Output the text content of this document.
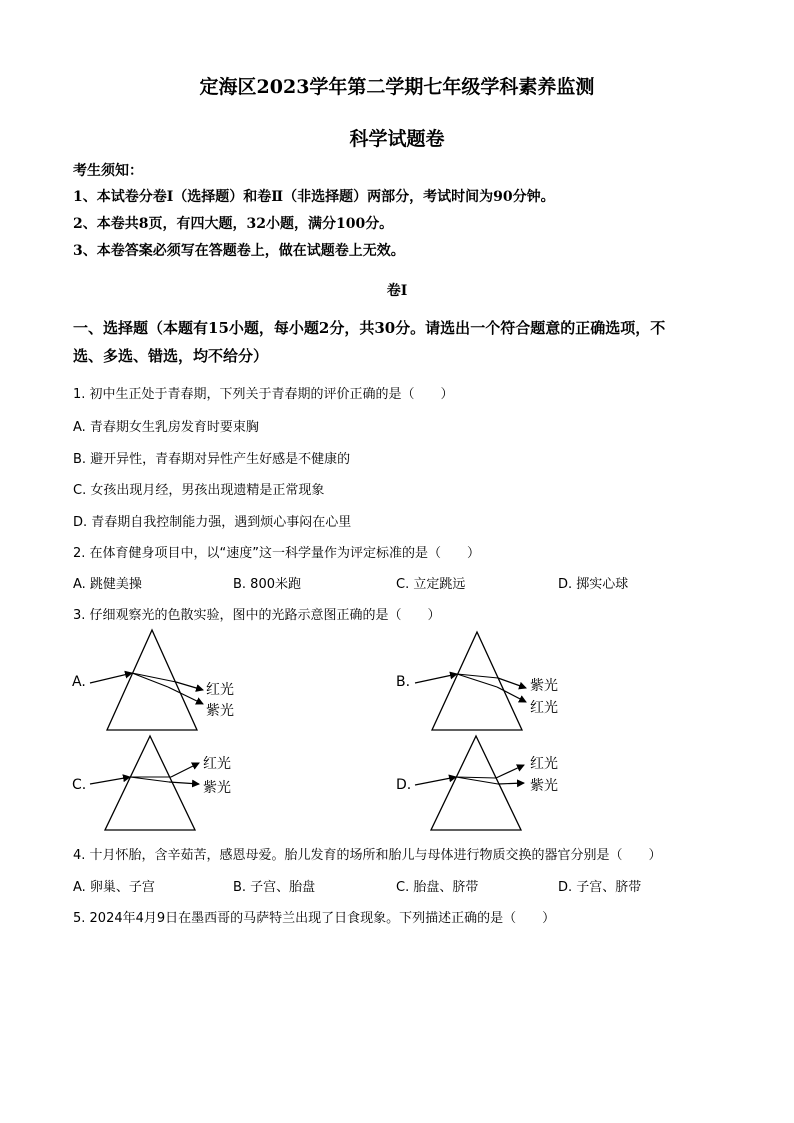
定海区2023学年第二学期七年级学科素养监测
科学试题卷
考生须知：
1、本试卷分卷Ⅰ（选择题）和卷Ⅱ（非选择题）两部分，考试时间为90分钟。
2、本卷共8页，有四大题，32小题，满分100分。
3、本卷答案必须写在答题卷上，做在试题卷上无效。
卷Ⅰ
一、选择题（本题有15小题，每小题2分，共30分。请选出一个符合题意的正确选项，不
选、多选、错选，均不给分）
1. 初中生正处于青春期，下列关于青春期的评价正确的是（　　）
A. 青春期女生乳房发育时要束胸
B. 避开异性，青春期对异性产生好感是不健康的
C. 女孩出现月经，男孩出现遗精是正常现象
D. 青春期自我控制能力强，遇到烦心事闷在心里
2. 在体育健身项目中，以“速度”这一科学量作为评定标准的是（　　）
A. 跳健美操	B. 800米跑	C. 立定跳远	D. 掷实心球
3. 仔细观察光的色散实验，图中的光路示意图正确的是（　　）
A.	红光
紫光
B.	紫光
红光
C.
红光
紫光	D.
红光
紫光
4. 十月怀胎，含辛茹苦，感恩母爱。胎儿发育的场所和胎儿与母体进行物质交换的器官分别是（　　）
A. 卵巢、子宫	B. 子宫、胎盘	C. 胎盘、脐带	D. 子宫、脐带
5. 2024年4月9日在墨西哥的马萨特兰出现了日食现象。下列描述正确的是（　　）
